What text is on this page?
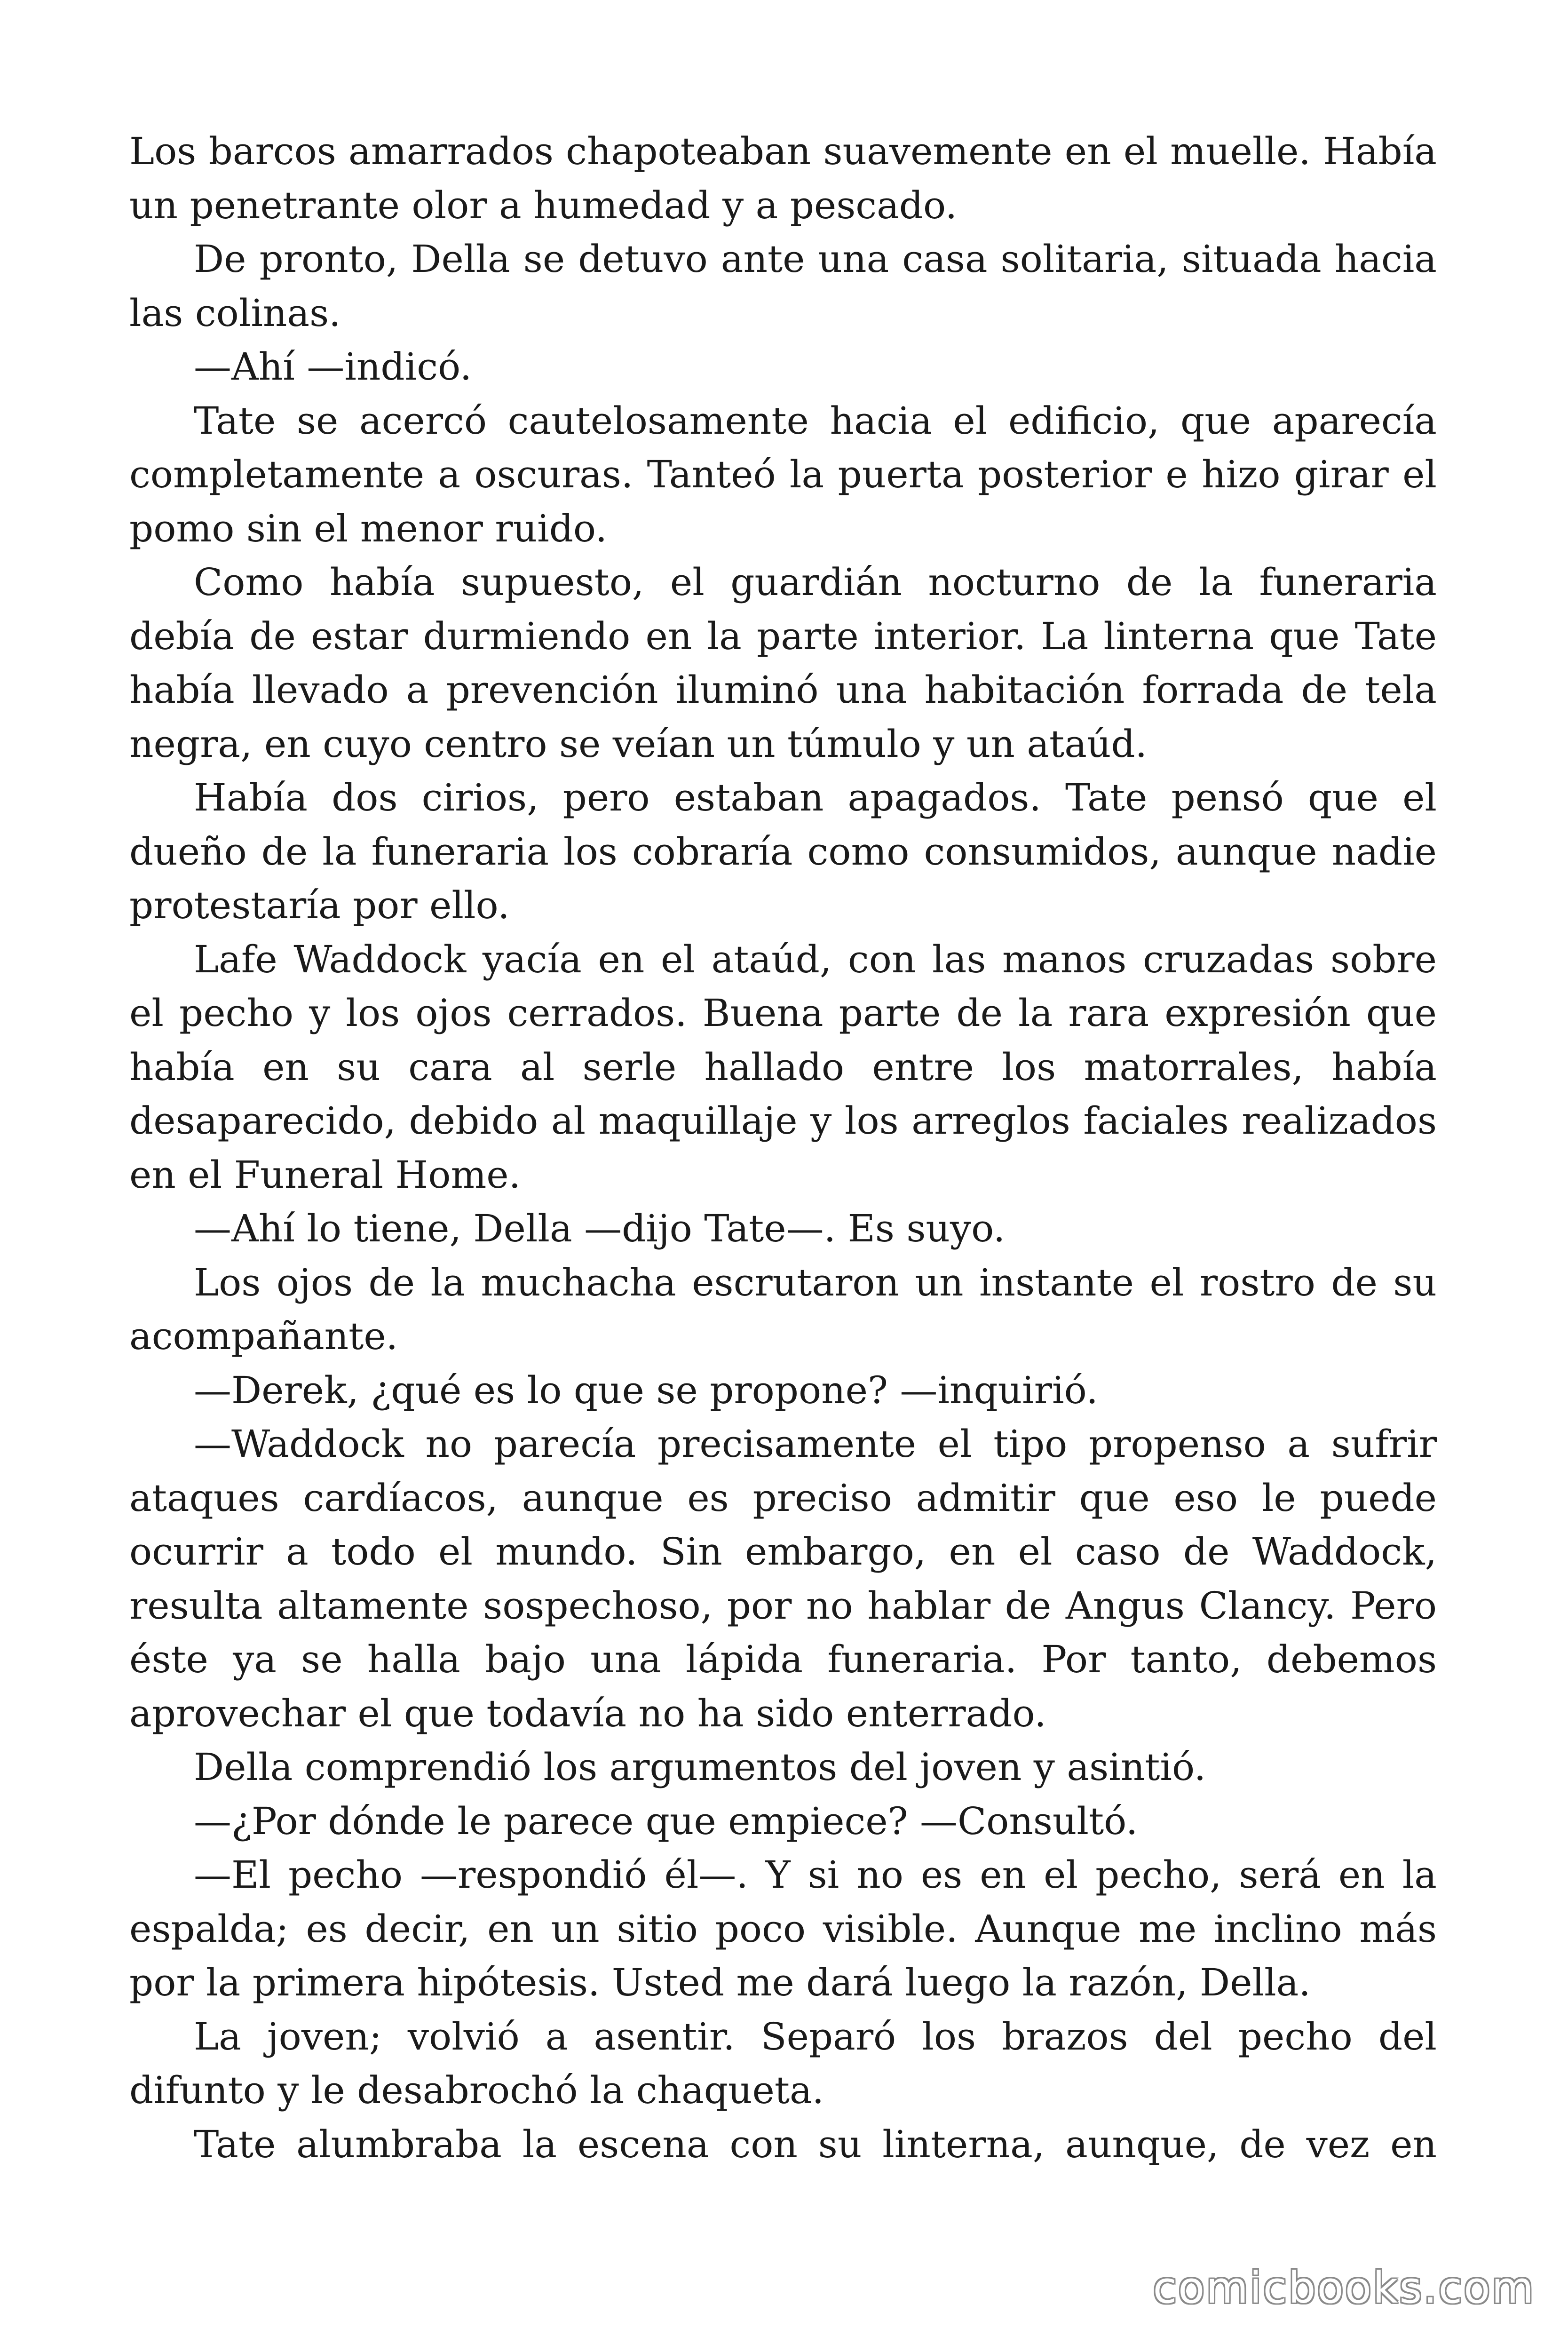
Los barcos amarrados chapoteaban suavemente en el muelle. Había un penetrante olor a humedad y a pescado.

De pronto, Della se detuvo ante una casa solitaria, situada hacia las colinas.

—Ahí —indicó.

Tate se acercó cautelosamente hacia el edificio, que aparecía completamente a oscuras. Tanteó la puerta posterior e hizo girar el pomo sin el menor ruido.

Como había supuesto, el guardián nocturno de la funeraria debía de estar durmiendo en la parte interior. La linterna que Tate había llevado a prevención iluminó una habitación forrada de tela negra, en cuyo centro se veían un túmulo y un ataúd.

Había dos cirios, pero estaban apagados. Tate pensó que el dueño de la funeraria los cobraría como consumidos, aunque nadie protestaría por ello.

Lafe Waddock yacía en el ataúd, con las manos cruzadas sobre el pecho y los ojos cerrados. Buena parte de la rara expresión que había en su cara al serle hallado entre los matorrales, había desaparecido, debido al maquillaje y los arreglos faciales realizados en el Funeral Home.

—Ahí lo tiene, Della —dijo Tate—. Es suyo.

Los ojos de la muchacha escrutaron un instante el rostro de su acompañante.

—Derek, ¿qué es lo que se propone? —inquirió.

—Waddock no parecía precisamente el tipo propenso a sufrir ataques cardíacos, aunque es preciso admitir que eso le puede ocurrir a todo el mundo. Sin embargo, en el caso de Waddock, resulta altamente sospechoso, por no hablar de Angus Clancy. Pero éste ya se halla bajo una lápida funeraria. Por tanto, debemos aprovechar el que todavía no ha sido enterrado.

Della comprendió los argumentos del joven y asintió.

—¿Por dónde le parece que empiece? —Consultó.

—El pecho —respondió él—. Y si no es en el pecho, será en la espalda; es decir, en un sitio poco visible. Aunque me inclino más por la primera hipótesis. Usted me dará luego la razón, Della.

La joven; volvió a asentir. Separó los brazos del pecho del difunto y le desabrochó la chaqueta.

Tate alumbraba la escena con su linterna, aunque, de vez en

comicbooks.com
